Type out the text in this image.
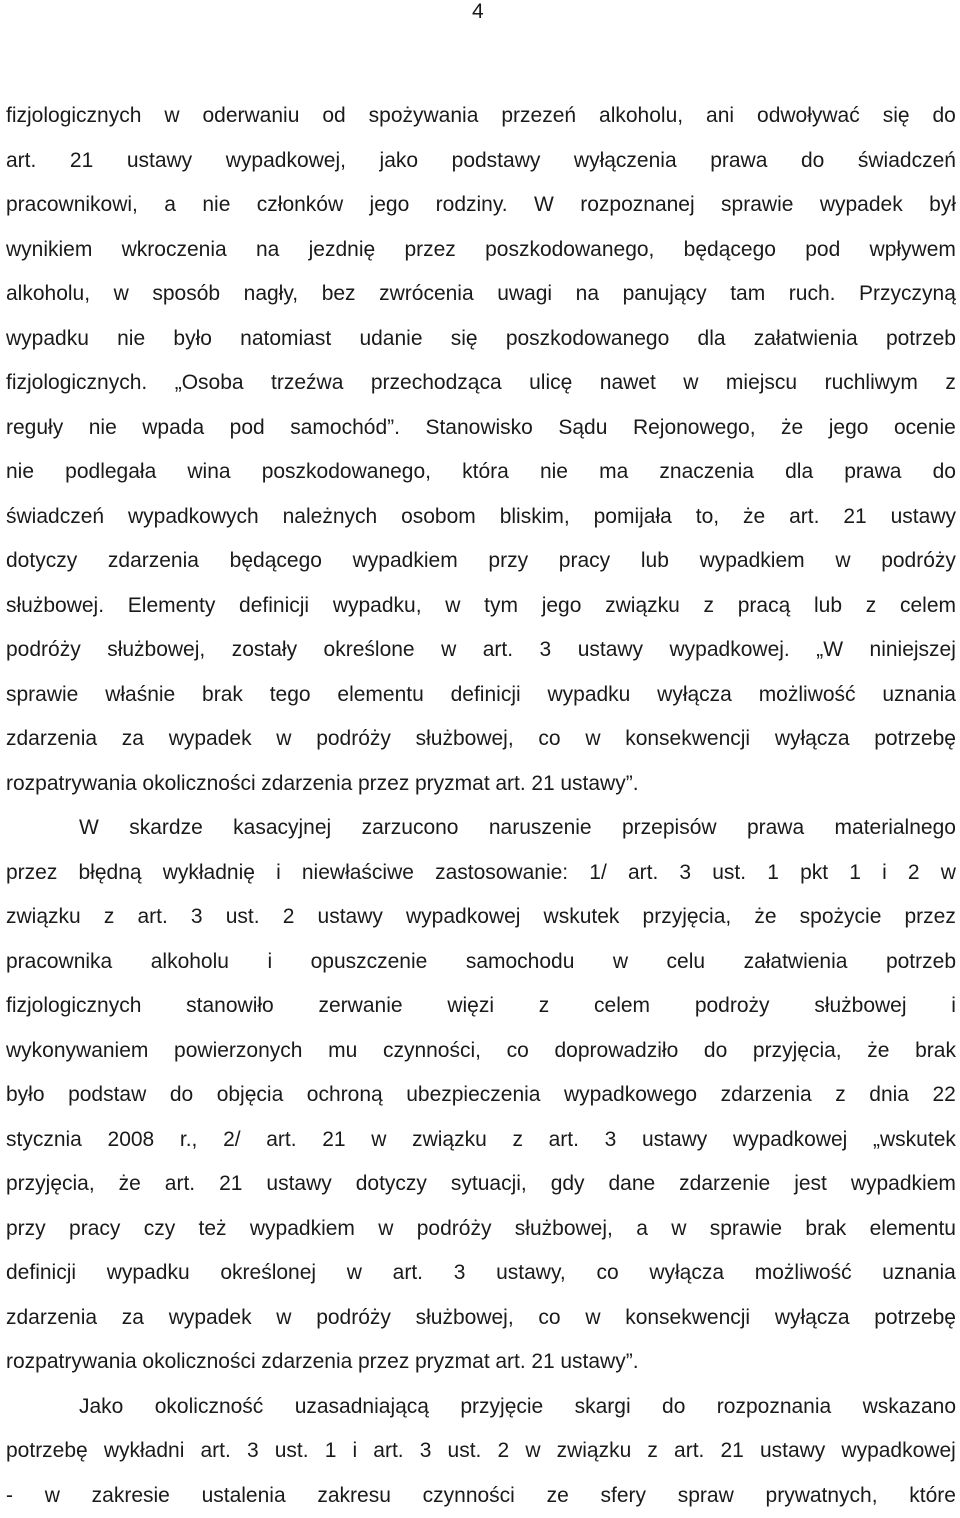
4
fizjologicznych w oderwaniu od spożywania przezeń alkoholu, ani odwoływać się do
art. 21 ustawy wypadkowej, jako podstawy wyłączenia prawa do świadczeń
pracownikowi, a nie członków jego rodziny. W rozpoznanej sprawie wypadek był
wynikiem wkroczenia na jezdnię przez poszkodowanego, będącego pod wpływem
alkoholu, w sposób nagły, bez zwrócenia uwagi na panujący tam ruch. Przyczyną
wypadku nie było natomiast udanie się poszkodowanego dla załatwienia potrzeb
fizjologicznych. „Osoba trzeźwa przechodząca ulicę nawet w miejscu ruchliwym z
reguły nie wpada pod samochód”. Stanowisko Sądu Rejonowego, że jego ocenie
nie podlegała wina poszkodowanego, która nie ma znaczenia dla prawa do
świadczeń wypadkowych należnych osobom bliskim, pomijała to, że art. 21 ustawy
dotyczy zdarzenia będącego wypadkiem przy pracy lub wypadkiem w podróży
służbowej. Elementy definicji wypadku, w tym jego związku z pracą lub z celem
podróży służbowej, zostały określone w art. 3 ustawy wypadkowej. „W niniejszej
sprawie właśnie brak tego elementu definicji wypadku wyłącza możliwość uznania
zdarzenia za wypadek w podróży służbowej, co w konsekwencji wyłącza potrzebę
rozpatrywania okoliczności zdarzenia przez pryzmat art. 21 ustawy”.
W skardze kasacyjnej zarzucono naruszenie przepisów prawa materialnego
przez błędną wykładnię i niewłaściwe zastosowanie: 1/ art. 3 ust. 1 pkt 1 i 2 w
związku z art. 3 ust. 2 ustawy wypadkowej wskutek przyjęcia, że spożycie przez
pracownika alkoholu i opuszczenie samochodu w celu załatwienia potrzeb
fizjologicznych stanowiło zerwanie więzi z celem podroży służbowej i
wykonywaniem powierzonych mu czynności, co doprowadziło do przyjęcia, że brak
było podstaw do objęcia ochroną ubezpieczenia wypadkowego zdarzenia z dnia 22
stycznia 2008 r., 2/ art. 21 w związku z art. 3 ustawy wypadkowej „wskutek
przyjęcia, że art. 21 ustawy dotyczy sytuacji, gdy dane zdarzenie jest wypadkiem
przy pracy czy też wypadkiem w podróży służbowej, a w sprawie brak elementu
definicji wypadku określonej w art. 3 ustawy, co wyłącza możliwość uznania
zdarzenia za wypadek w podróży służbowej, co w konsekwencji wyłącza potrzebę
rozpatrywania okoliczności zdarzenia przez pryzmat art. 21 ustawy”.
Jako okoliczność uzasadniającą przyjęcie skargi do rozpoznania wskazano
potrzebę wykładni art. 3 ust. 1 i art. 3 ust. 2 w związku z art. 21 ustawy wypadkowej
- w zakresie ustalenia zakresu czynności ze sfery spraw prywatnych, które
